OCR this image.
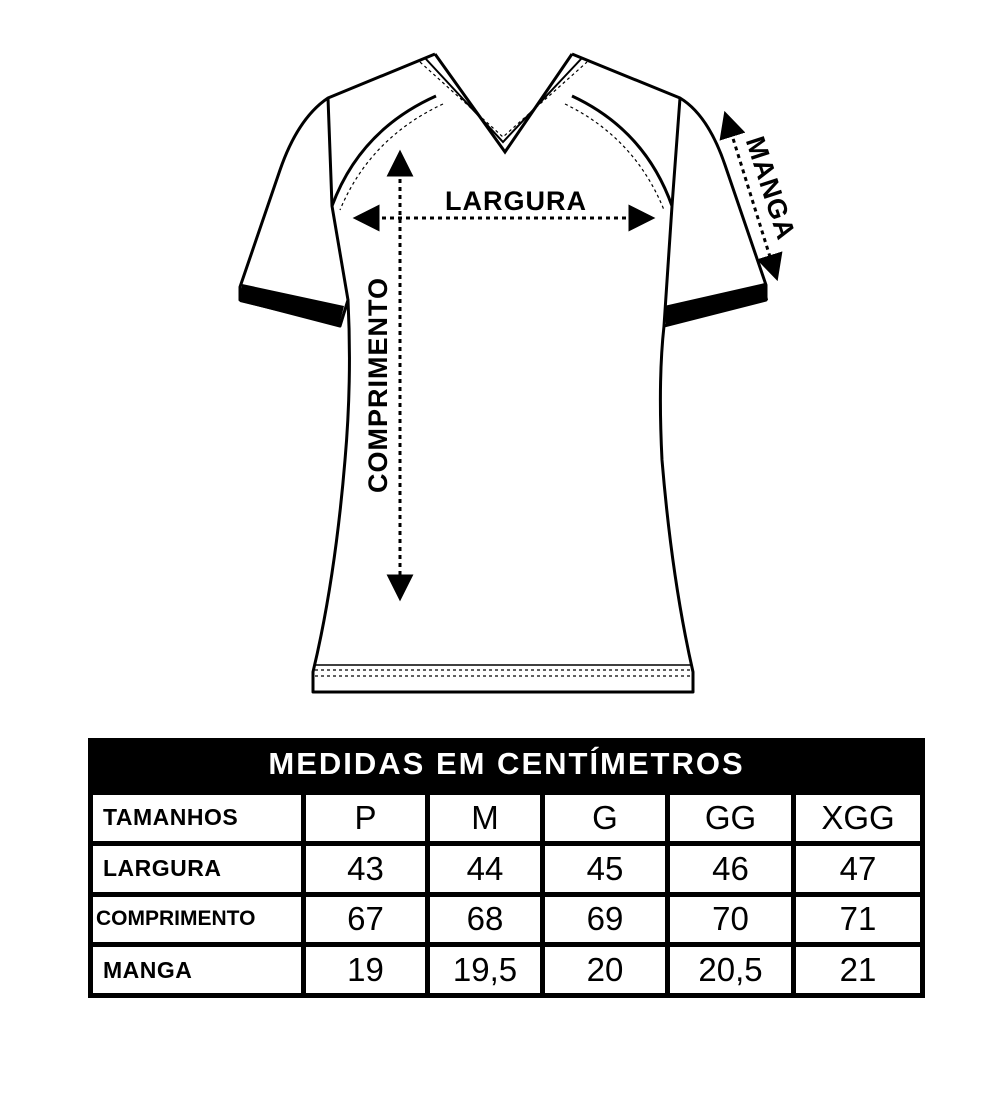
LARGURA
COMPRIMENTO
MANGA
MEDIDAS EM CENTÍMETROS					
TAMANHOS	P	M	G	GG	XGG
LARGURA	43	44	45	46	47
COMPRIMENTO	67	68	69	70	71
MANGA	19	19,5	20	20,5	21
